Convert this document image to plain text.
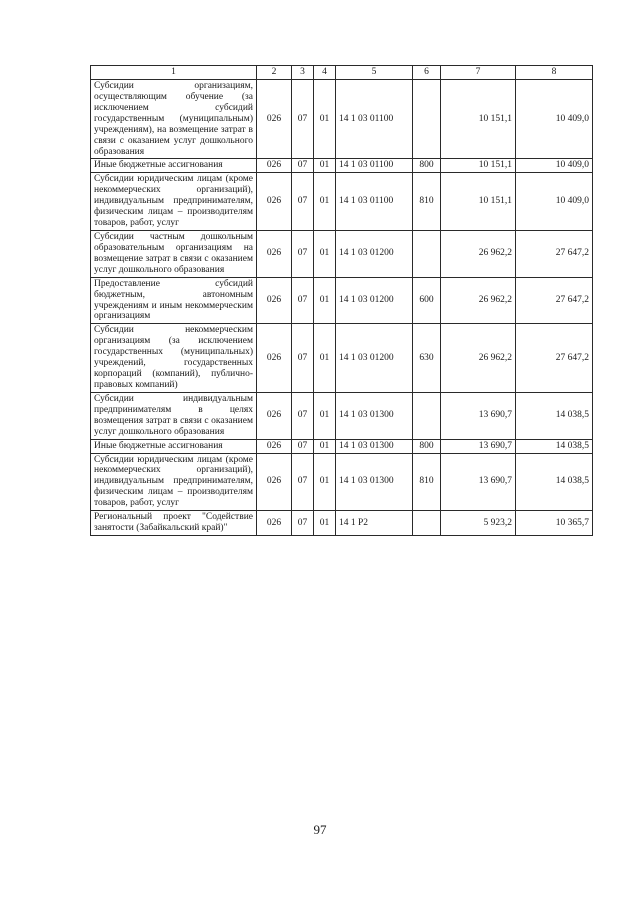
1	2	3	4	5	6	7	8
Субсидии организациям, осуществляющим обучение (за исключением субсидий государственным (муниципальным) учреждениям), на возмещение затрат в связи с оказанием услуг дошкольного образования	026	07	01	14 1 03 01100		10 151,1	10 409,0
Иные бюджетные ассигнования	026	07	01	14 1 03 01100	800	10 151,1	10 409,0
Субсидии юридическим лицам (кроме некоммерческих организаций), индивидуальным предпринимателям, физическим лицам – производителям товаров, работ, услуг	026	07	01	14 1 03 01100	810	10 151,1	10 409,0
Субсидии частным дошкольным образовательным организациям на возмещение затрат в связи с оказанием услуг дошкольного образования	026	07	01	14 1 03 01200		26 962,2	27 647,2
Предоставление субсидий бюджетным, автономным учреждениям и иным некоммерческим организациям	026	07	01	14 1 03 01200	600	26 962,2	27 647,2
Субсидии некоммерческим организациям (за исключением государственных (муниципальных) учреждений, государственных корпораций (компаний), публично-правовых компаний)	026	07	01	14 1 03 01200	630	26 962,2	27 647,2
Субсидии индивидуальным предпринимателям в целях возмещения затрат в связи с оказанием услуг дошкольного образования	026	07	01	14 1 03 01300		13 690,7	14 038,5
Иные бюджетные ассигнования	026	07	01	14 1 03 01300	800	13 690,7	14 038,5
Субсидии юридическим лицам (кроме некоммерческих организаций), индивидуальным предпринимателям, физическим лицам – производителям товаров, работ, услуг	026	07	01	14 1 03 01300	810	13 690,7	14 038,5
Региональный проект "Содействие занятости (Забайкальский край)"	026	07	01	14 1 P2		5 923,2	10 365,7
97
